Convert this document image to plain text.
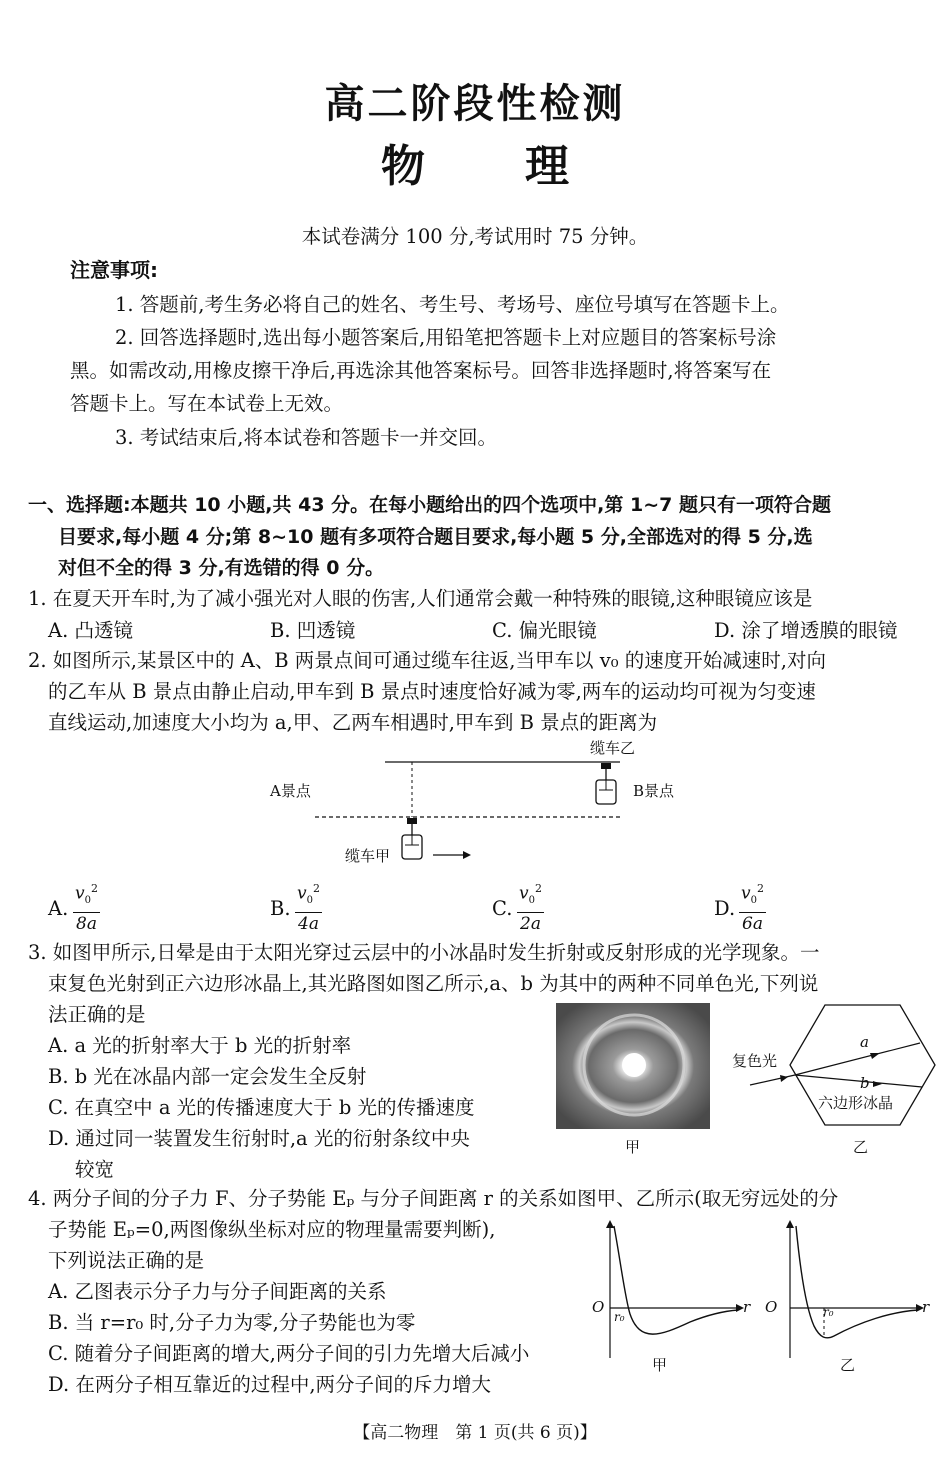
高二阶段性检测
物 理
本试卷满分 100 分,考试用时 75 分钟。
注意事项:
1. 答题前,考生务必将自己的姓名、考生号、考场号、座位号填写在答题卡上。
2. 回答选择题时,选出每小题答案后,用铅笔把答题卡上对应题目的答案标号涂
黑。如需改动,用橡皮擦干净后,再选涂其他答案标号。回答非选择题时,将答案写在
答题卡上。写在本试卷上无效。
3. 考试结束后,将本试卷和答题卡一并交回。
一、选择题:本题共 10 小题,共 43 分。在每小题给出的四个选项中,第 1~7 题只有一项符合题
目要求,每小题 4 分;第 8~10 题有多项符合题目要求,每小题 5 分,全部选对的得 5 分,选
对但不全的得 3 分,有选错的得 0 分。
1. 在夏天开车时,为了减小强光对人眼的伤害,人们通常会戴一种特殊的眼镜,这种眼镜应该是
A. 凸透镜	B. 凹透镜	C. 偏光眼镜	D. 涂了增透膜的眼镜
2. 如图所示,某景区中的 A、B 两景点间可通过缆车往返,当甲车以 v₀ 的速度开始减速时,对向
的乙车从 B 景点由静止启动,甲车到 B 景点时速度恰好减为零,两车的运动均可视为匀变速
直线运动,加速度大小均为 a,甲、乙两车相遇时,甲车到 B 景点的距离为
缆车乙
A景点	B景点
缆车甲
A. $\frac{v_0^2}{8a}$	B. $\frac{v_0^2}{4a}$	C. $\frac{v_0^2}{2a}$	D. $\frac{v_0^2}{6a}$
3. 如图甲所示,日晕是由于太阳光穿过云层中的小冰晶时发生折射或反射形成的光学现象。一
束复色光射到正六边形冰晶上,其光路图如图乙所示,a、b 为其中的两种不同单色光,下列说
法正确的是
A. a 光的折射率大于 b 光的折射率
B. b 光在冰晶内部一定会发生全反射
C. 在真空中 a 光的传播速度大于 b 光的传播速度
D. 通过同一装置发生衍射时,a 光的衍射条纹中央
较宽
甲
复色光
a
b
六边形冰晶
乙
4. 两分子间的分子力 F、分子势能 Eₚ 与分子间距离 r 的关系如图甲、乙所示(取无穷远处的分
子势能 Eₚ=0,两图像纵坐标对应的物理量需要判断),
下列说法正确的是
A. 乙图表示分子力与分子间距离的关系
B. 当 r=r₀ 时,分子力为零,分子势能也为零
C. 随着分子间距离的增大,两分子间的引力先增大后减小
D. 在两分子相互靠近的过程中,两分子间的斥力增大
O
r₀
r
甲
O	r₀	r
乙
【高二物理　第 1 页(共 6 页)】
